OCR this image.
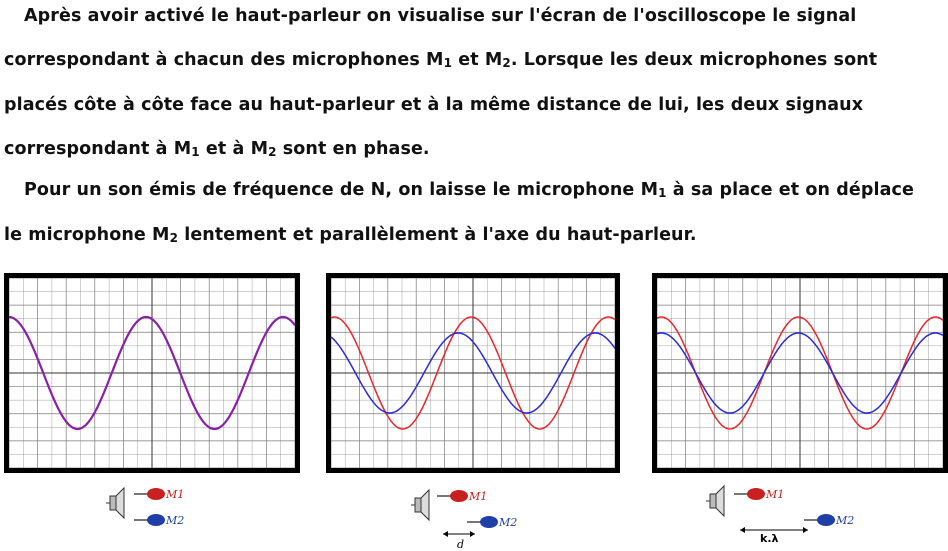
Après avoir activé le haut-parleur on visualise sur l'écran de l'oscilloscope le signal
correspondant à chacun des microphones $M_1$ et $M_2$. Lorsque les deux microphones sont
placés côte à côte face au haut-parleur et à la même distance de lui, les deux signaux
correspondant à $M_1$ et à $M_2$ sont en phase.
Pour un son émis de fréquence de N, on laisse le microphone $M_1$ à sa place et on déplace
le microphone $M_2$ lentement et parallèlement à l'axe du haut-parleur.
M1
M2
M1
M2
d
M1
M2
k.λ
